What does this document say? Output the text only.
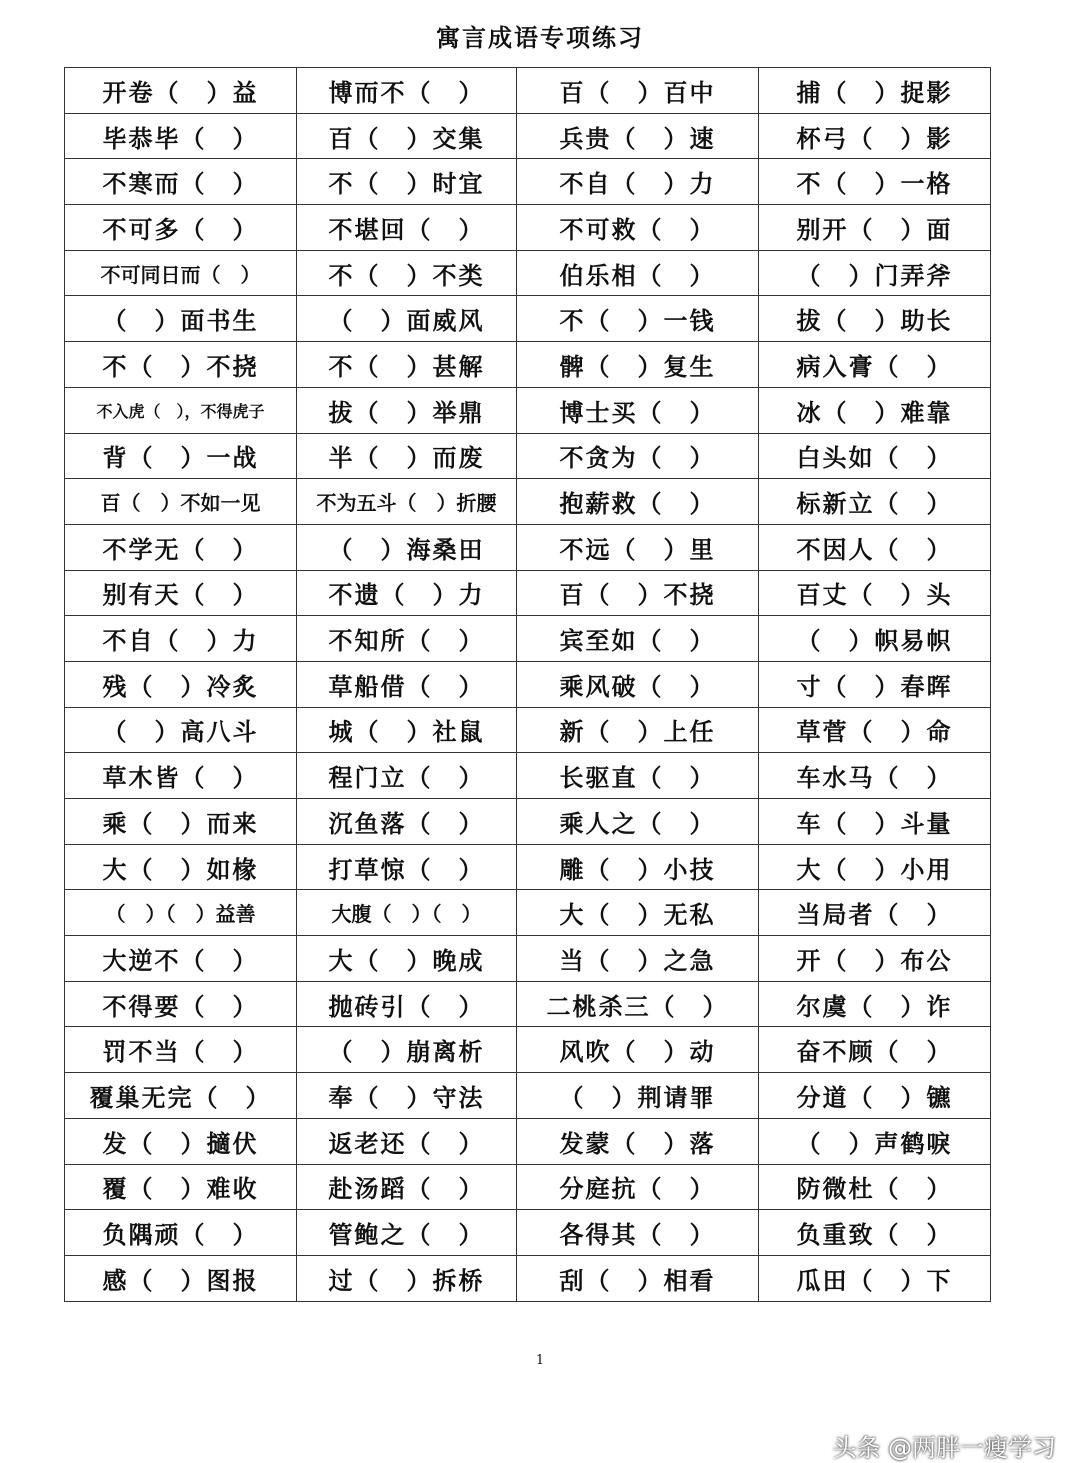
寓言成语专项练习
开卷（　）益	博而不（　）	百（　）百中	捕（　）捉影
毕恭毕（　）	百（　）交集	兵贵（　）速	杯弓（　）影
不寒而（　）	不（　）时宜	不自（　）力	不（　）一格
不可多（　）	不堪回（　）	不可救（　）	别开（　）面
不可同日而（　）	不（　）不类	伯乐相（　）	（　）门弄斧
（　）面书生	（　）面威风	不（　）一钱	拔（　）助长
不（　）不挠	不（　）甚解	髀（　）复生	病入膏（　）
不入虎（　），不得虎子	拔（　）举鼎	博士买（　）	冰（　）难靠
背（　）一战	半（　）而废	不贪为（　）	白头如（　）
百（　）不如一见	不为五斗（　）折腰	抱薪救（　）	标新立（　）
不学无（　）	（　）海桑田	不远（　）里	不因人（　）
别有天（　）	不遗（　）力	百（　）不挠	百丈（　）头
不自（　）力	不知所（　）	宾至如（　）	（　）帜易帜
残（　）冷炙	草船借（　）	乘风破（　）	寸（　）春晖
（　）高八斗	城（　）社鼠	新（　）上任	草菅（　）命
草木皆（　）	程门立（　）	长驱直（　）	车水马（　）
乘（　）而来	沉鱼落（　）	乘人之（　）	车（　）斗量
大（　）如椽	打草惊（　）	雕（　）小技	大（　）小用
（　）（　）益善	大腹（　）（　）	大（　）无私	当局者（　）
大逆不（　）	大（　）晚成	当（　）之急	开（　）布公
不得要（　）	抛砖引（　）	二桃杀三（　）	尔虞（　）诈
罚不当（　）	（　）崩离析	风吹（　）动	奋不顾（　）
覆巢无完（　）	奉（　）守法	（　）荆请罪	分道（　）镳
发（　）擿伏	返老还（　）	发蒙（　）落	（　）声鹤唳
覆（　）难收	赴汤蹈（　）	分庭抗（　）	防微杜（　）
负隅顽（　）	管鲍之（　）	各得其（　）	负重致（　）
感（　）图报	过（　）拆桥	刮（　）相看	瓜田（　）下
1
头条 @两胖一瘦学习
